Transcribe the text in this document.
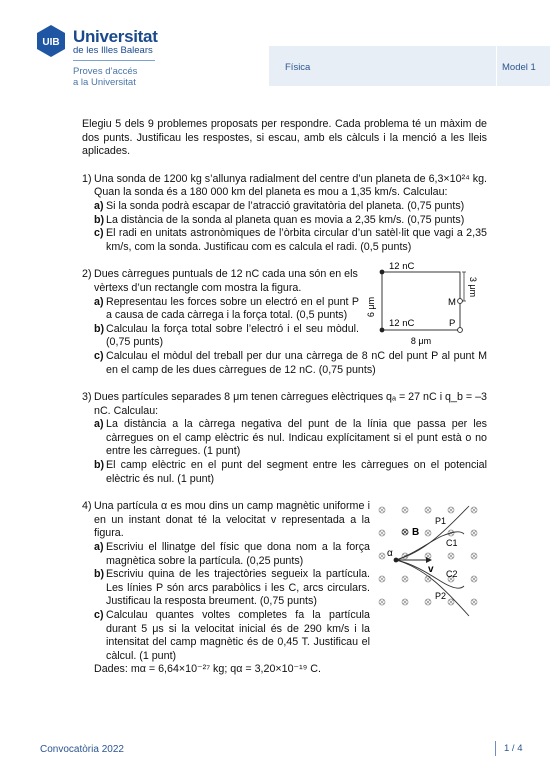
UIB Universitat
de les Illes Balears
Proves d’accés
a la Universitat
Física	Model 1

Elegiu 5 dels 9 problemes proposats per respondre. Cada problema té un màxim de dos punts. Justificau les respostes, si escau, amb els càlculs i la menció a les lleis aplicades.

1) Una sonda de 1200 kg s’allunya radialment del centre d’un planeta de 6,3×10²⁴ kg. Quan la sonda és a 180 000 km del planeta es mou a 1,35 km/s. Calculau:

a) Si la sonda podrà escapar de l’atracció gravitatòria del planeta. (0,75 punts)
b) La distància de la sonda al planeta quan es movia a 2,35 km/s. (0,75 punts)
c) El radi en unitats astronòmiques de l’òrbita circular d’un satèl·lit que vagi a 2,35 km/s, com la sonda. Justificau com es calcula el radi. (0,5 punts)
2) Dues càrregues puntuals de 12 nC cada una són en els vèrtexs d’un rectangle com mostra la figura.

a) Representau les forces sobre un electró en el punt P a causa de cada càrrega i la força total. (0,5 punts)
b) Calculau la força total sobre l’electró i el seu mòdul. (0,75 punts)
c) Calculau el mòdul del treball per dur una càrrega de 8 nC del punt P al punt M en el camp de les dues càrregues de 12 nC. (0,75 punts)
12 nC
12 nC
M
P
6 μm
3 μm
8 μm
3) Dues partícules separades 8 μm tenen càrregues elèctriques qₐ = 27 nC i q_b = –3 nC. Calculau:

a) La distància a la càrrega negativa del punt de la línia que passa per les càrregues on el camp elèctric és nul. Indicau explícitament si el punt està o no entre les càrregues. (1 punt)
b) El camp elèctric en el punt del segment entre les càrregues on el potencial elèctric és nul. (1 punt)
4) Una partícula α es mou dins un camp magnètic uniforme i en un instant donat té la velocitat v representada a la figura.

a) Escriviu el llinatge del físic que dona nom a la força magnètica sobre la partícula. (0,25 punts)
b) Escriviu quina de les trajectòries segueix la partícula. Les línies P són arcs parabòlics i les C, arcs circulars. Justificau la resposta breument. (0,75 punts)
c) Calculau quantes voltes completes fa la partícula durant 5 μs si la velocitat inicial és de 290 km/s i la intensitat del camp magnètic és de 0,45 T. Justificau el càlcul. (1 punt)

Dades: mα = 6,64×10⁻²⁷ kg; qα = 3,20×10⁻¹⁹ C.

α
v
B
P1
C1
C2
P2
Convocatòria 2022	1 / 4
